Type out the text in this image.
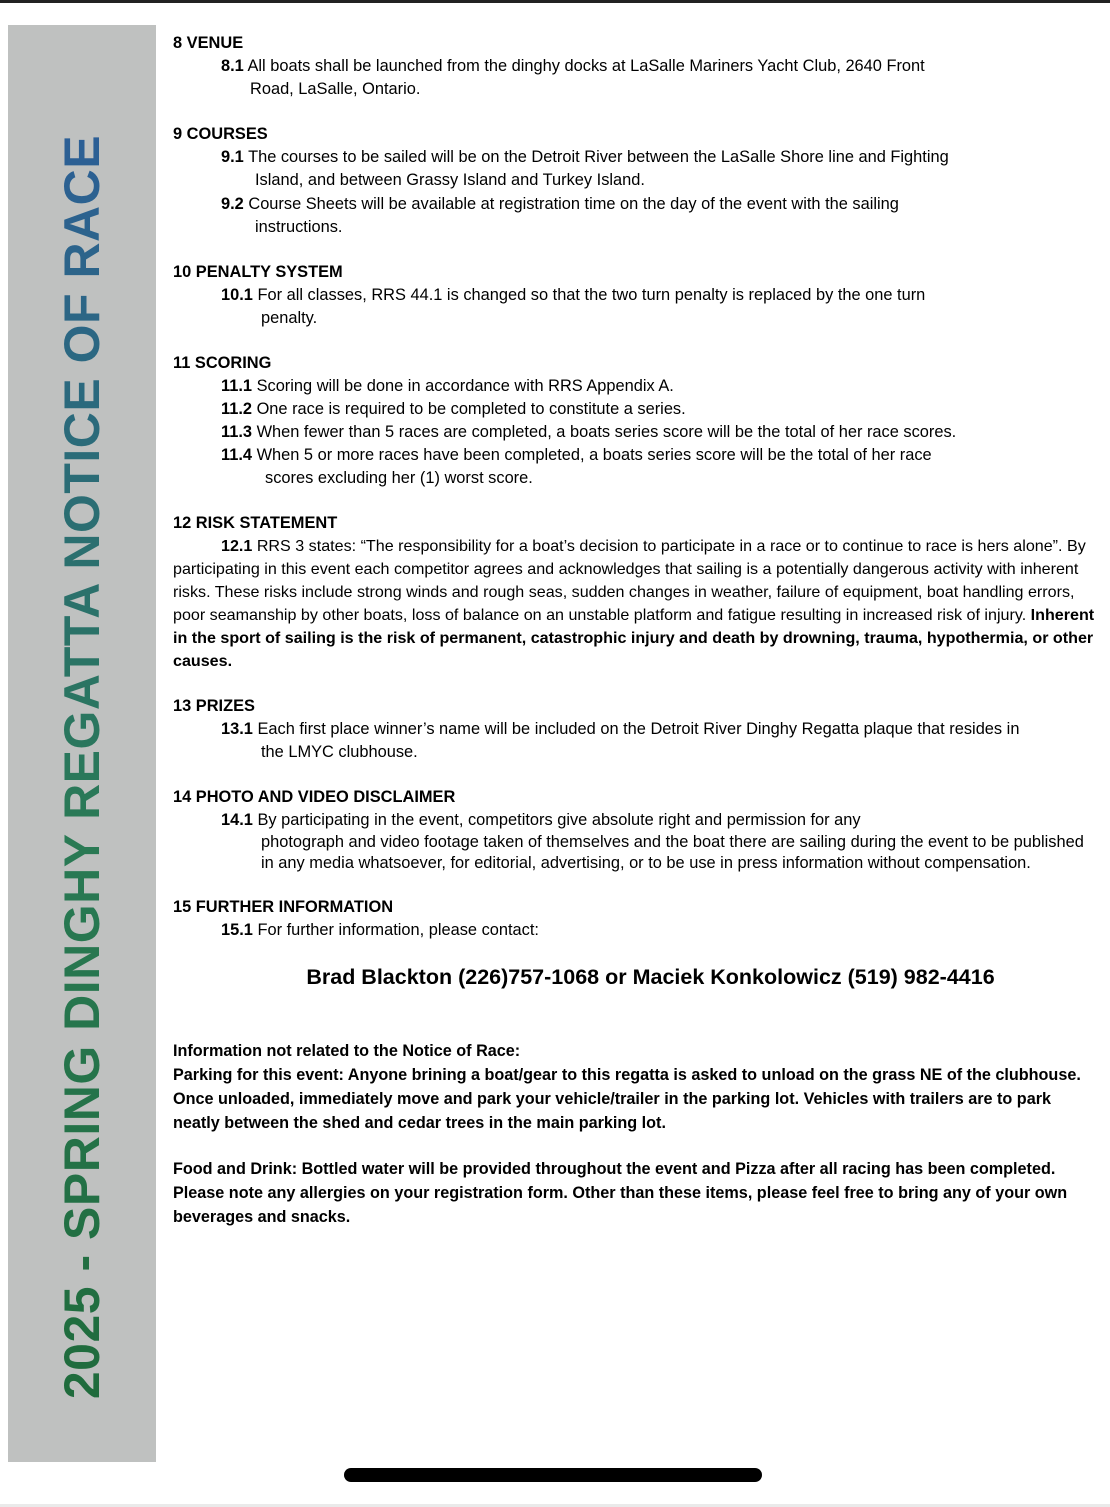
2025 - SPRING DINGHY REGATTA NOTICE OF RACE
8 VENUE
8.1 All boats shall be launched from the dinghy docks at LaSalle Mariners Yacht Club, 2640 Front
Road, LaSalle, Ontario.
9 COURSES
9.1 The courses to be sailed will be on the Detroit River between the LaSalle Shore line and Fighting
Island, and between Grassy Island and Turkey Island.
9.2 Course Sheets will be available at registration time on the day of the event with the sailing
instructions.
10 PENALTY SYSTEM
10.1 For all classes, RRS 44.1 is changed so that the two turn penalty is replaced by the one turn
penalty.
11 SCORING
11.1 Scoring will be done in accordance with RRS Appendix A.
11.2 One race is required to be completed to constitute a series.
11.3 When fewer than 5 races are completed, a boats series score will be the total of her race scores.
11.4 When 5 or more races have been completed, a boats series score will be the total of her race
scores excluding her (1) worst score.
12 RISK STATEMENT
12.1 RRS 3 states: “The responsibility for a boat’s decision to participate in a race or to continue to race is hers alone”. By participating in this event each competitor agrees and acknowledges that sailing is a potentially dangerous activity with inherent risks. These risks include strong winds and rough seas, sudden changes in weather, failure of equipment, boat handling errors, poor seamanship by other boats, loss of balance on an unstable platform and fatigue resulting in increased risk of injury. Inherent in the sport of sailing is the risk of permanent, catastrophic injury and death by drowning, trauma, hypothermia, or other causes.
13 PRIZES
13.1 Each first place winner’s name will be included on the Detroit River Dinghy Regatta plaque that resides in
the LMYC clubhouse.
14 PHOTO AND VIDEO DISCLAIMER
14.1 By participating in the event, competitors give absolute right and permission for any
photograph and video footage taken of themselves and the boat there are sailing during the event to be published in any media whatsoever, for editorial, advertising, or to be use in press information without compensation.
15 FURTHER INFORMATION
15.1 For further information, please contact:
Brad Blackton (226)757-1068 or Maciek Konkolowicz (519) 982-4416
Information not related to the Notice of Race:

Parking for this event: Anyone brining a boat/gear to this regatta is asked to unload on the grass NE of the clubhouse. Once unloaded, immediately move and park your vehicle/trailer in the parking lot. Vehicles with trailers are to park neatly between the shed and cedar trees in the main parking lot.

Food and Drink: Bottled water will be provided throughout the event and Pizza after all racing has been completed. Please note any allergies on your registration form. Other than these items, please feel free to bring any of your own beverages and snacks.
